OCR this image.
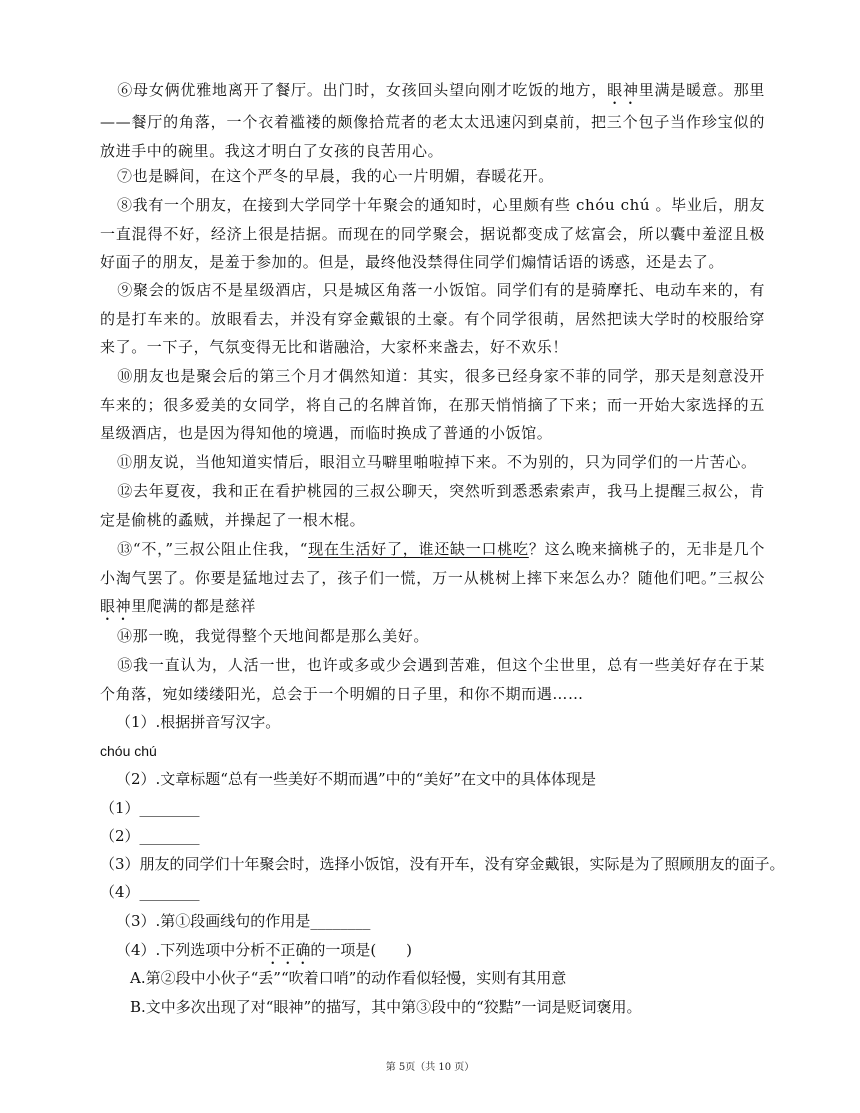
⑥母女俩优雅地离开了餐厅。出门时，女孩回头望向刚才吃饭的地方，眼神里满是暖意。那里——餐厅的角落，一个衣着褴褛的颇像拾荒者的老太太迅速闪到桌前，把三个包子当作珍宝似的放进手中的碗里。我这才明白了女孩的良苦用心。

⑦也是瞬间，在这个严冬的早晨，我的心一片明媚，春暖花开。

⑧我有一个朋友，在接到大学同学十年聚会的通知时，心里颇有些 chóu chú 。毕业后，朋友一直混得不好，经济上很是拮据。而现在的同学聚会，据说都变成了炫富会，所以囊中羞涩且极好面子的朋友，是羞于参加的。但是，最终他没禁得住同学们煽情话语的诱惑，还是去了。

⑨聚会的饭店不是星级酒店，只是城区角落一小饭馆。同学们有的是骑摩托、电动车来的，有的是打车来的。放眼看去，并没有穿金戴银的土豪。有个同学很萌，居然把读大学时的校服给穿来了。一下子，气氛变得无比和谐融洽，大家杯来盏去，好不欢乐！

⑩朋友也是聚会后的第三个月才偶然知道：其实，很多已经身家不菲的同学，那天是刻意没开车来的；很多爱美的女同学，将自己的名牌首饰，在那天悄悄摘了下来；而一开始大家选择的五星级酒店，也是因为得知他的境遇，而临时换成了普通的小饭馆。

⑪朋友说，当他知道实情后，眼泪立马噼里啪啦掉下来。不为别的，只为同学们的一片苦心。

⑫去年夏夜，我和正在看护桃园的三叔公聊天，突然听到悉悉索索声，我马上提醒三叔公，肯定是偷桃的蟊贼，并操起了一根木棍。

⑬“不，”三叔公阻止住我，“现在生活好了，谁还缺一口桃吃？这么晚来摘桃子的，无非是几个小淘气罢了。你要是猛地过去了，孩子们一慌，万一从桃树上摔下来怎么办？随他们吧。”三叔公眼神里爬满的都是慈祥

⑭那一晚，我觉得整个天地间都是那么美好。

⑮我一直认为，人活一世，也许或多或少会遇到苦难，但这个尘世里，总有一些美好存在于某个角落，宛如缕缕阳光，总会于一个明媚的日子里，和你不期而遇……

（1）.根据拼音写汉字。

chóu chú

（2）.文章标题“总有一些美好不期而遇”中的“美好”在文中的具体体现是

（1）________

（2）________

（3）朋友的同学们十年聚会时，选择小饭馆，没有开车，没有穿金戴银，实际是为了照顾朋友的面子。

（4）________

（3）.第①段画线句的作用是________

（4）.下列选项中分析不正确的一项是(　　)

A.第②段中小伙子“丢”“吹着口哨”的动作看似轻慢，实则有其用意

B.文中多次出现了对“眼神”的描写，其中第③段中的“狡黠”一词是贬词褒用。

第 5页（共 10 页）
